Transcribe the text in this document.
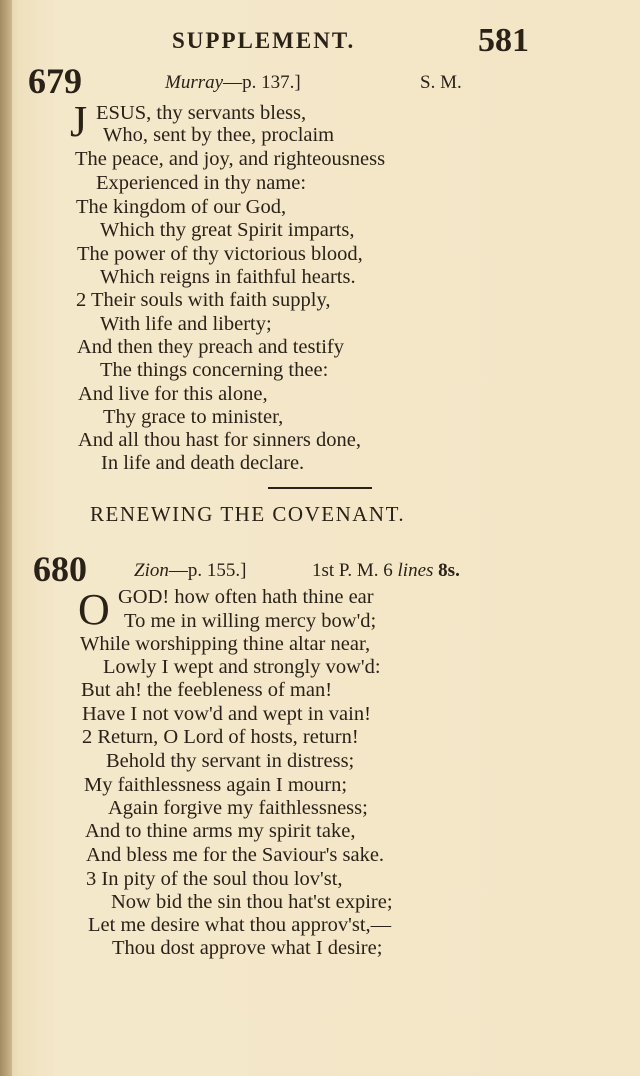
SUPPLEMENT.	581
679	Murray—p. 137.]	S. M.
J ESUS, thy servants bless,
Who, sent by thee, proclaim
The peace, and joy, and righteousness
Experienced in thy name:
The kingdom of our God,
Which thy great Spirit imparts,
The power of thy victorious blood,
Which reigns in faithful hearts.
2 Their souls with faith supply,
With life and liberty;
And then they preach and testify
The things concerning thee:
And live for this alone,
Thy grace to minister,
And all thou hast for sinners done,
In life and death declare.
RENEWING THE COVENANT.
680 Zion—p. 155.]	1st P. M. 6 lines 8s.
O GOD! how often hath thine ear
To me in willing mercy bow'd;
While worshipping thine altar near,
Lowly I wept and strongly vow'd:
But ah! the feebleness of man!
Have I not vow'd and wept in vain!
2 Return, O Lord of hosts, return!
Behold thy servant in distress;
My faithlessness again I mourn;
Again forgive my faithlessness;
And to thine arms my spirit take,
And bless me for the Saviour's sake.
3 In pity of the soul thou lov'st,
Now bid the sin thou hat'st expire;
Let me desire what thou approv'st,—
Thou dost approve what I desire;
